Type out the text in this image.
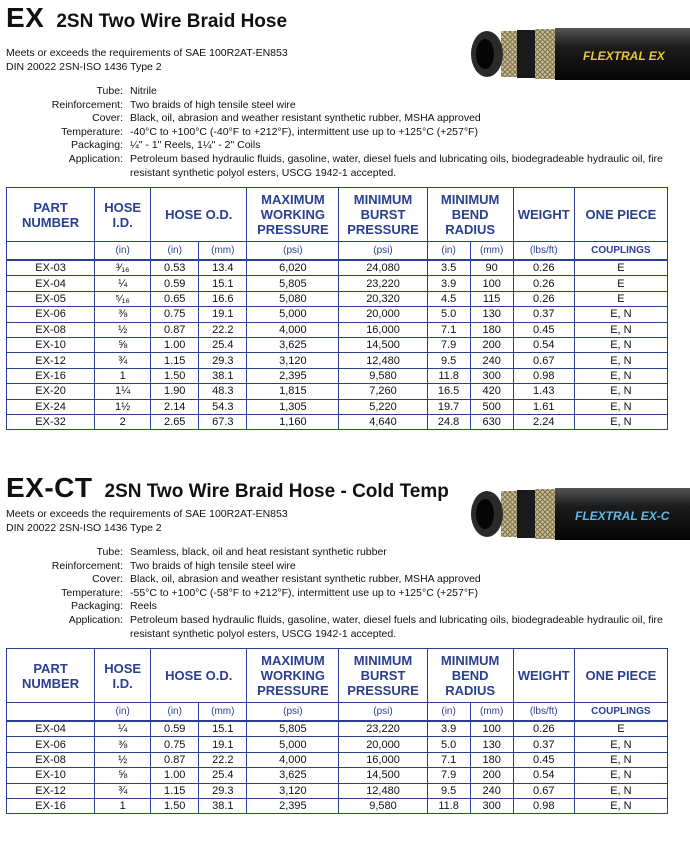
EX 2SN Two Wire Braid Hose
Meets or exceeds the requirements of SAE 100R2AT-EN853
DIN 20022 2SN-ISO 1436 Type 2
FLEXTRAL EX
Tube: Nitrile
Reinforcement: Two braids of high tensile steel wire
Cover: Black, oil, abrasion and weather resistant synthetic rubber, MSHA approved
Temperature: -40°C to +100°C (-40°F to +212°F), intermittent use up to +125°C (+257°F)
Packaging: ¼" - 1" Reels, 1¼" - 2" Coils
Application: Petroleum based hydraulic fluids, gasoline, water, diesel fuels and lubricating oils, biodegradeable hydraulic oil, fire resistant synthetic polyol esters, USCG 1942-1 accepted.
PART NUMBER	HOSE I.D.	HOSE O.D.		MAXIMUM WORKING PRESSURE	MINIMUM BURST PRESSURE	MINIMUM BEND RADIUS		WEIGHT	ONE PIECE
	(in)	(in)	(mm)	(psi)	(psi)	(in)	(mm)	(lbs/ft)	COUPLINGS
EX-03	³⁄₁₆	0.53	13.4	6,020	24,080	3.5	90	0.26	E
EX-04	¼	0.59	15.1	5,805	23,220	3.9	100	0.26	E
EX-05	⁵⁄₁₆	0.65	16.6	5,080	20,320	4.5	115	0.26	E
EX-06	⅜	0.75	19.1	5,000	20,000	5.0	130	0.37	E, N
EX-08	½	0.87	22.2	4,000	16,000	7.1	180	0.45	E, N
EX-10	⅝	1.00	25.4	3,625	14,500	7.9	200	0.54	E, N
EX-12	¾	1.15	29.3	3,120	12,480	9.5	240	0.67	E, N
EX-16	1	1.50	38.1	2,395	9,580	11.8	300	0.98	E, N
EX-20	1¼	1.90	48.3	1,815	7,260	16.5	420	1.43	E, N
EX-24	1½	2.14	54.3	1,305	5,220	19.7	500	1.61	E, N
EX-32	2	2.65	67.3	1,160	4,640	24.8	630	2.24	E, N
EX-CT 2SN Two Wire Braid Hose - Cold Temp
Meets or exceeds the requirements of SAE 100R2AT-EN853
DIN 20022 2SN-ISO 1436 Type 2
FLEXTRAL EX-C
Tube: Seamless, black, oil and heat resistant synthetic rubber
Reinforcement: Two braids of high tensile steel wire
Cover: Black, oil, abrasion and weather resistant synthetic rubber, MSHA approved
Temperature: -55°C to +100°C (-58°F to +212°F), intermittent use up to +125°C (+257°F)
Packaging: Reels
Application: Petroleum based hydraulic fluids, gasoline, water, diesel fuels and lubricating oils, biodegradeable hydraulic oil, fire resistant synthetic polyol esters, USCG 1942-1 accepted.
PART NUMBER	HOSE I.D.	HOSE O.D.		MAXIMUM WORKING PRESSURE	MINIMUM BURST PRESSURE	MINIMUM BEND RADIUS		WEIGHT	ONE PIECE
	(in)	(in)	(mm)	(psi)	(psi)	(in)	(mm)	(lbs/ft)	COUPLINGS
EX-04	¼	0.59	15.1	5,805	23,220	3.9	100	0.26	E
EX-06	⅜	0.75	19.1	5,000	20,000	5.0	130	0.37	E, N
EX-08	½	0.87	22.2	4,000	16,000	7.1	180	0.45	E, N
EX-10	⅝	1.00	25.4	3,625	14,500	7.9	200	0.54	E, N
EX-12	¾	1.15	29.3	3,120	12,480	9.5	240	0.67	E, N
EX-16	1	1.50	38.1	2,395	9,580	11.8	300	0.98	E, N
